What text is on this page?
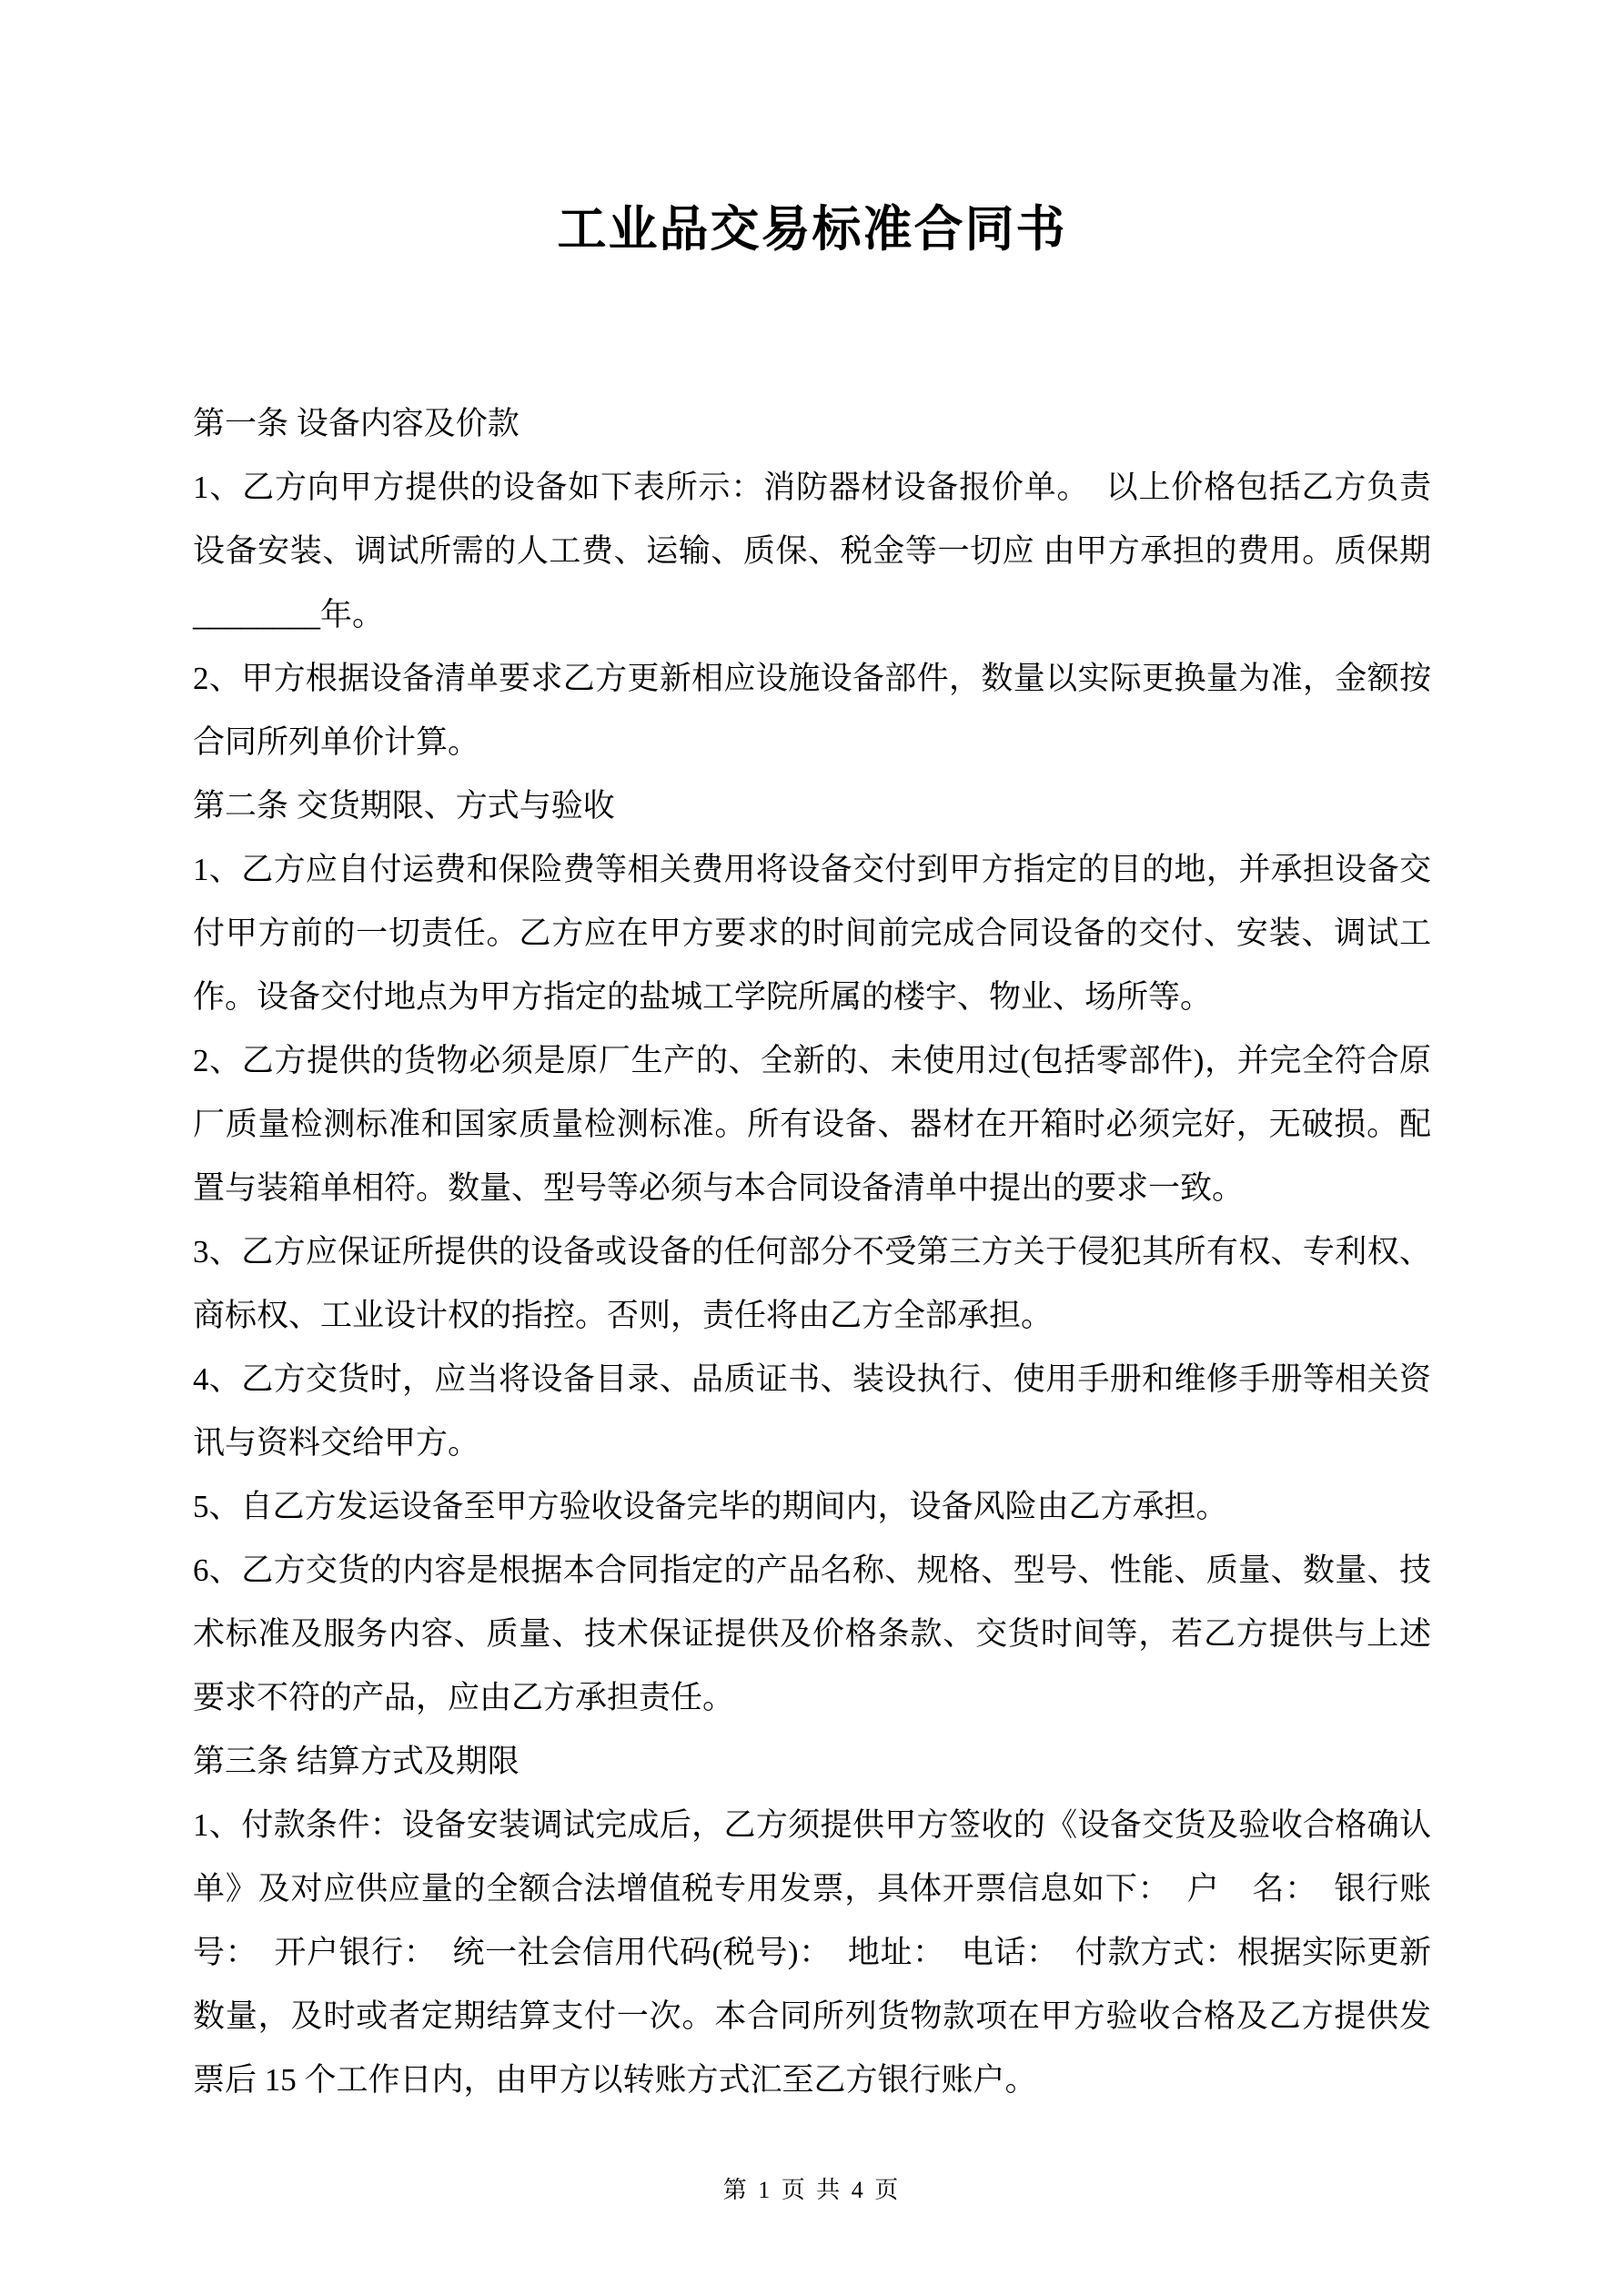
工业品交易标准合同书

第一条 设备内容及价款

1、乙方向甲方提供的设备如下表所示：消防器材设备报价单。　以上价格包括乙方负责设备安装、调试所需的人工费、运输、质保、税金等一切应 由甲方承担的费用。质保期________年。

2、甲方根据设备清单要求乙方更新相应设施设备部件，数量以实际更换量为准，金额按合同所列单价计算。

第二条 交货期限、方式与验收

1、乙方应自付运费和保险费等相关费用将设备交付到甲方指定的目的地，并承担设备交付甲方前的一切责任。乙方应在甲方要求的时间前完成合同设备的交付、安装、调试工作。设备交付地点为甲方指定的盐城工学院所属的楼宇、物业、场所等。

2、乙方提供的货物必须是原厂生产的、全新的、未使用过(包括零部件)，并完全符合原厂质量检测标准和国家质量检测标准。所有设备、器材在开箱时必须完好，无破损。配置与装箱单相符。数量、型号等必须与本合同设备清单中提出的要求一致。

3、乙方应保证所提供的设备或设备的任何部分不受第三方关于侵犯其所有权、专利权、商标权、工业设计权的指控。否则，责任将由乙方全部承担。

4、乙方交货时，应当将设备目录、品质证书、装设执行、使用手册和维修手册等相关资讯与资料交给甲方。

5、自乙方发运设备至甲方验收设备完毕的期间内，设备风险由乙方承担。

6、乙方交货的内容是根据本合同指定的产品名称、规格、型号、性能、质量、数量、技术标准及服务内容、质量、技术保证提供及价格条款、交货时间等，若乙方提供与上述要求不符的产品，应由乙方承担责任。

第三条 结算方式及期限

1、付款条件：设备安装调试完成后，乙方须提供甲方签收的《设备交货及验收合格确认单》及对应供应量的全额合法增值税专用发票，具体开票信息如下：　户　名：　银行账号：　开户银行：　统一社会信用代码(税号)：　地址：　电话：　付款方式：根据实际更新数量，及时或者定期结算支付一次。本合同所列货物款项在甲方验收合格及乙方提供发票后 15 个工作日内，由甲方以转账方式汇至乙方银行账户。

第 1 页 共 4 页
